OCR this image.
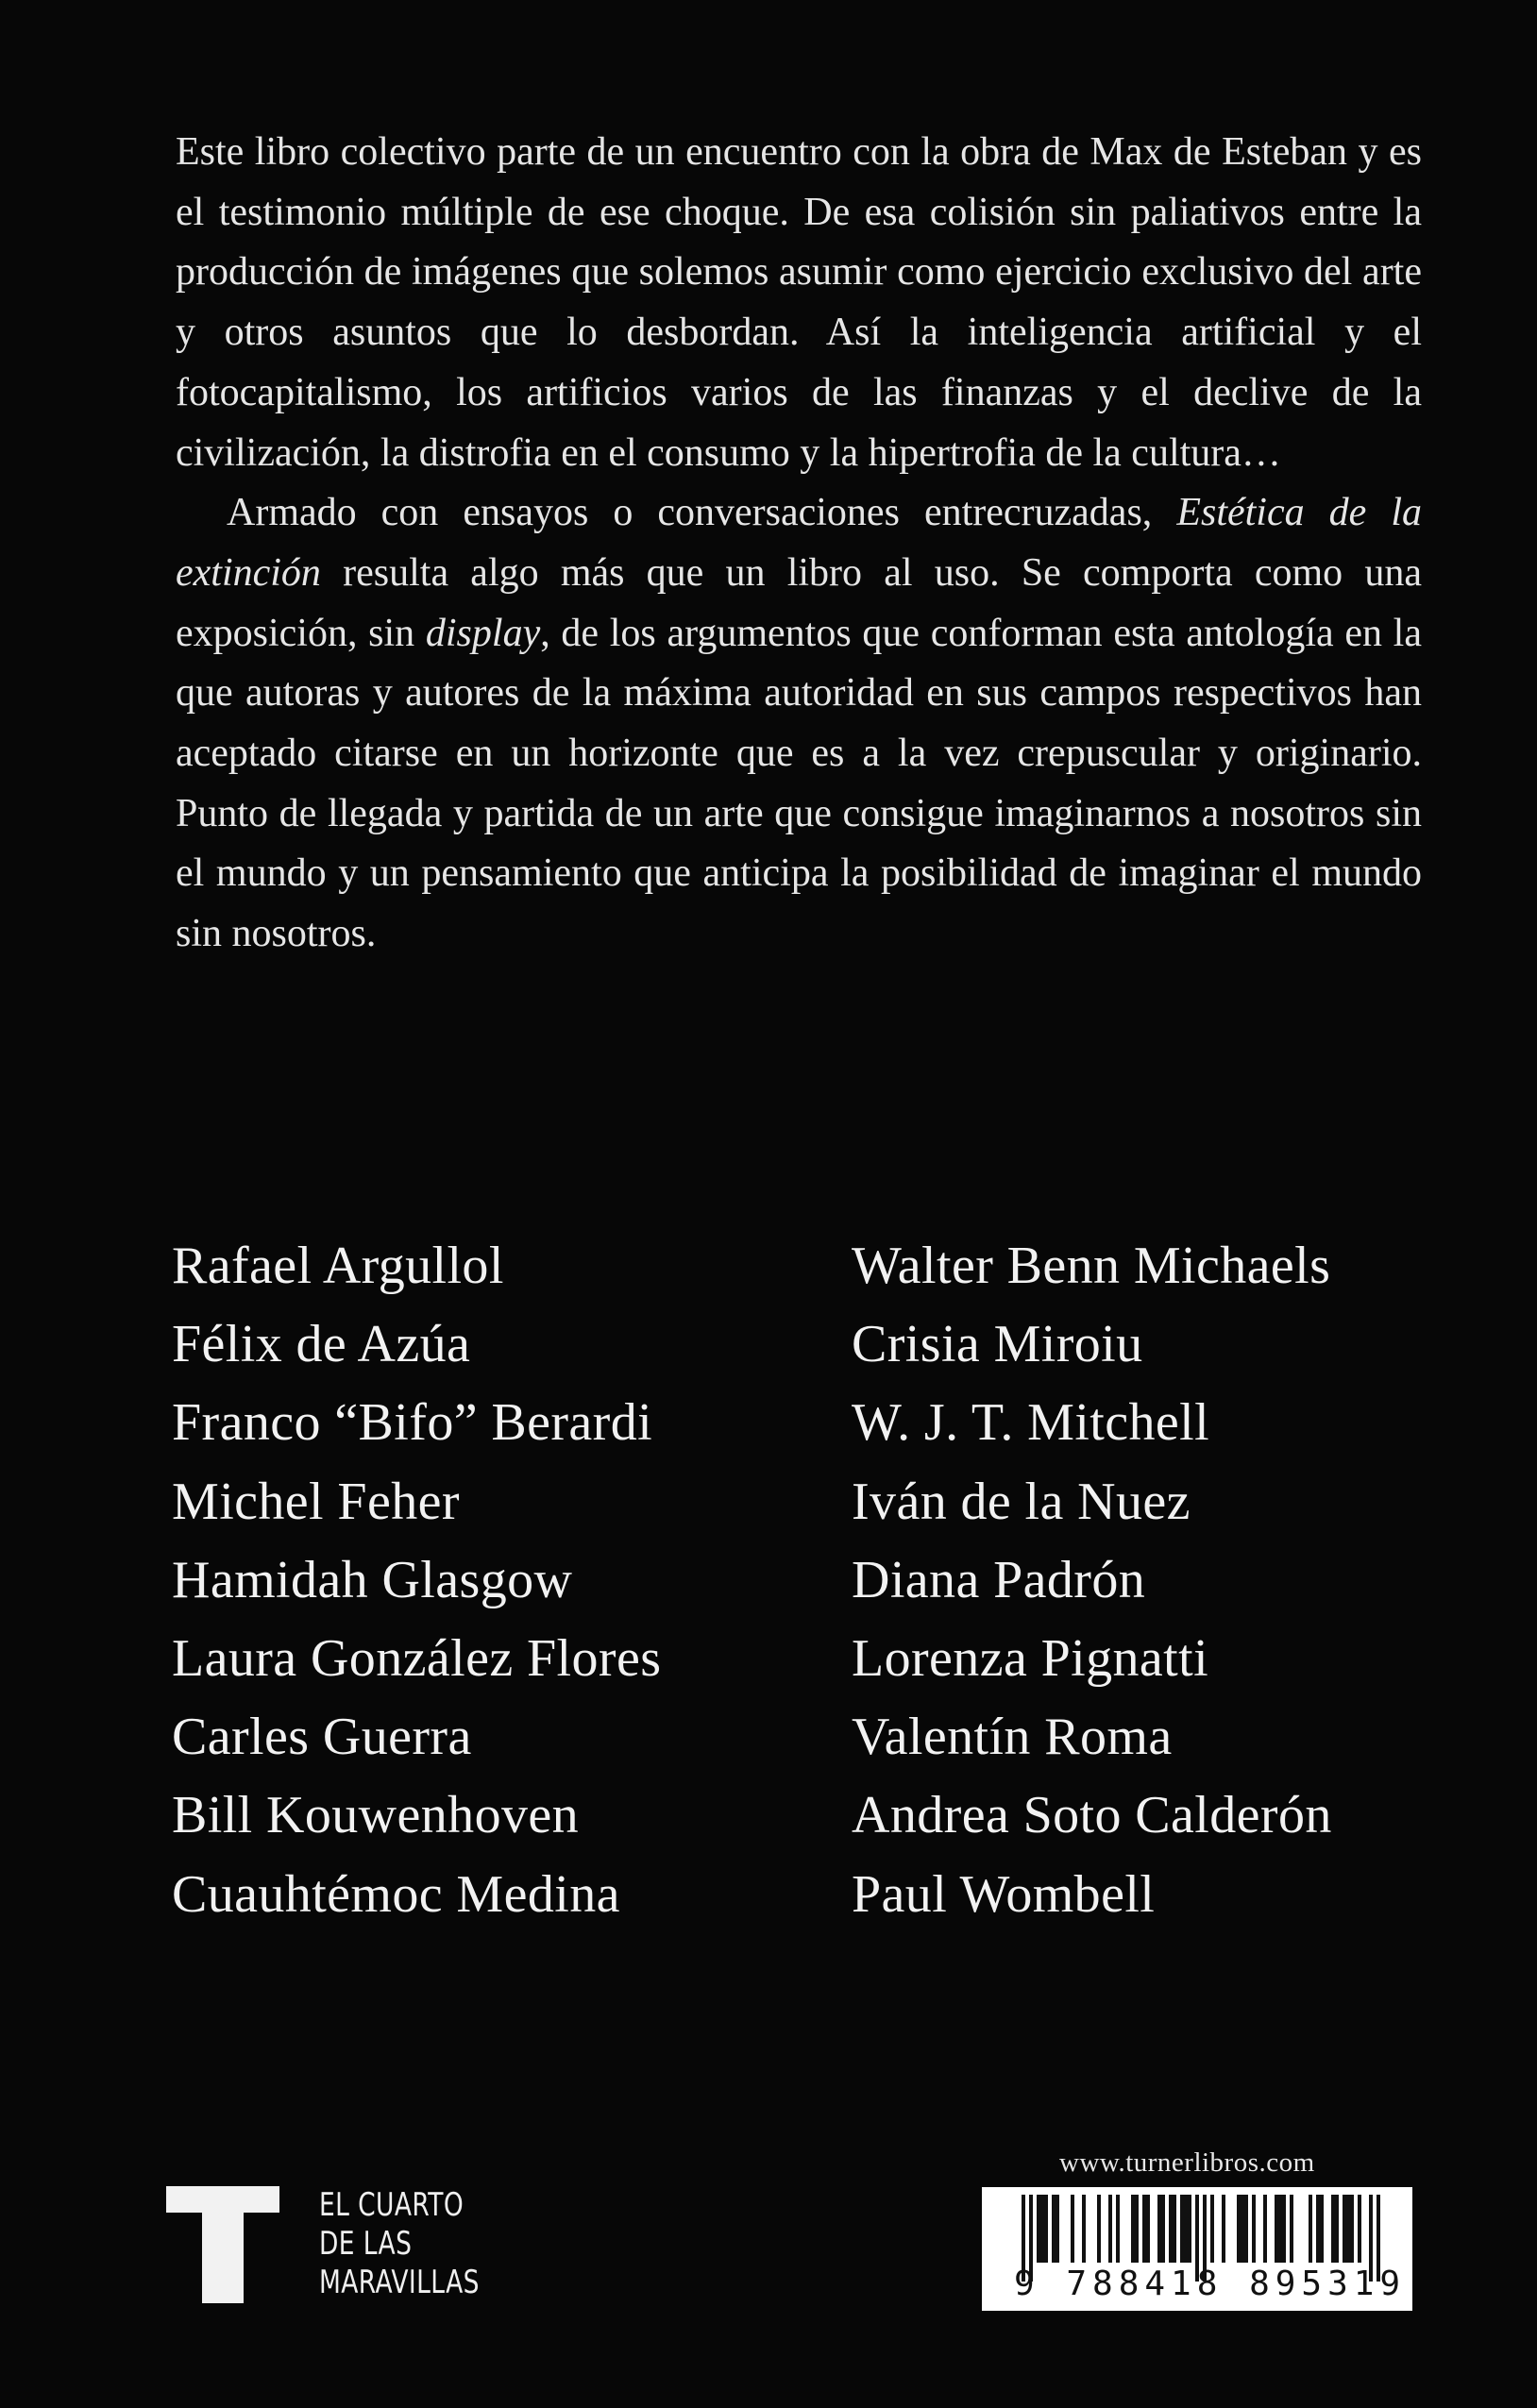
Este libro colectivo parte de un encuentro con la obra de Max de Esteban y es el testimonio múltiple de ese choque. De esa colisión sin paliativos entre la producción de imágenes que solemos asumir como ejercicio exclusivo del arte y otros asuntos que lo desbordan. Así la inteligencia artificial y el fotocapitalismo, los artificios varios de las finanzas y el declive de la civilización, la distrofia en el consumo y la hipertrofia de la cultura…

Armado con ensayos o conversaciones entrecruzadas, Estética de la extinción resulta algo más que un libro al uso. Se comporta como una exposición, sin display, de los argumentos que conforman esta antología en la que autoras y autores de la máxima autoridad en sus campos respectivos han aceptado citarse en un horizonte que es a la vez crepuscular y originario. Punto de llegada y partida de un arte que consigue imaginarnos a nosotros sin el mundo y un pensamiento que anticipa la posibilidad de imaginar el mundo sin nosotros.

Rafael Argullol
Félix de Azúa
Franco “Bifo” Berardi
Michel Feher
Hamidah Glasgow
Laura González Flores
Carles Guerra
Bill Kouwenhoven
Cuauhtémoc Medina
Walter Benn Michaels
Crisia Miroiu
W. J. T. Mitchell
Iván de la Nuez
Diana Padrón
Lorenza Pignatti
Valentín Roma
Andrea Soto Calderón
Paul Wombell
EL CUARTO
DE LAS
MARAVILLAS
www.turnerlibros.com
9 788418 895319
